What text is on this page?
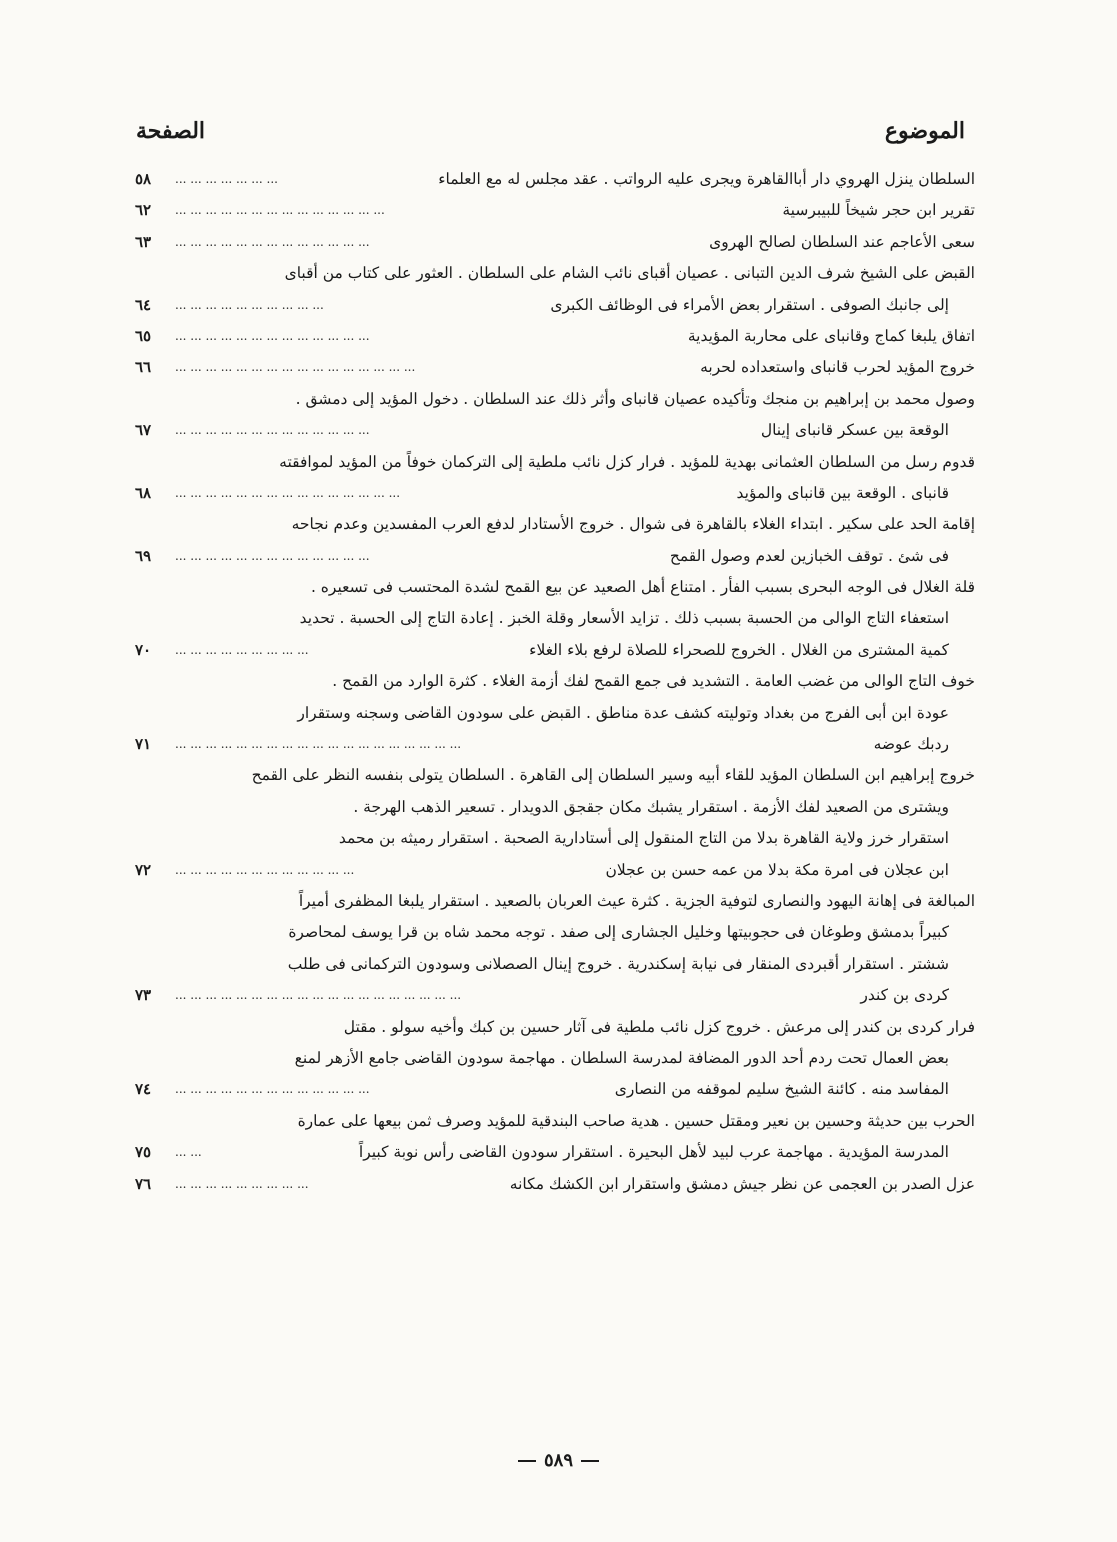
الموضوع
الصفحة
السلطان ينزل الهروي دار أباالقاهرة ويجرى عليه الرواتب . عقد مجلس له مع العلماء
... ... ... ... ... ... ...
٥٨
تقرير ابن حجر شيخاً للبيبرسية
... ... ... ... ... ... ... ... ... ... ... ... ... ...
٦٢
سعى الأعاجم عند السلطان لصالح الهروى
... ... ... ... ... ... ... ... ... ... ... ... ...
٦٣
القبض على الشيخ شرف الدين التبانى . عصيان أقباى نائب الشام على السلطان . العثور على كتاب من أقباى
إلى جانبك الصوفى . استقرار بعض الأمراء فى الوظائف الكبرى
... ... ... ... ... ... ... ... ... ...
٦٤
اتفاق يلبغا كماج وقانباى على محاربة المؤيدية
... ... ... ... ... ... ... ... ... ... ... ... ...
٦٥
خروج المؤيد لحرب قانباى واستعداده لحربه
... ... ... ... ... ... ... ... ... ... ... ... ... ... ... ...
٦٦
وصول محمد بن إبراهيم بن منجك وتأكيده عصيان قانباى وأثر ذلك عند السلطان . دخول المؤيد إلى دمشق .
الوقعة بين عسكر قانباى إينال
... ... ... ... ... ... ... ... ... ... ... ... ...
٦٧
قدوم رسل من السلطان العثمانى بهدية للمؤيد . فرار كزل نائب ملطية إلى التركمان خوفاً من المؤيد لموافقته
قانباى . الوقعة بين قانباى والمؤيد
... ... ... ... ... ... ... ... ... ... ... ... ... ... ...
٦٨
إقامة الحد على سكير . ابتداء الغلاء بالقاهرة فى شوال . خروج الأستادار لدفع العرب المفسدين وعدم نجاحه
فى شئ . توقف الخبازين لعدم وصول القمح
... ... ... ... ... ... ... ... ... ... ... ... ...
٦٩
قلة الغلال فى الوجه البحرى بسبب الفأر . امتناع أهل الصعيد عن بيع القمح لشدة المحتسب فى تسعيره .
استعفاء التاج الوالى من الحسبة بسبب ذلك . تزايد الأسعار وقلة الخبز . إعادة التاج إلى الحسبة . تحديد
كمية المشترى من الغلال . الخروج للصحراء للصلاة لرفع بلاء الغلاء
... ... ... ... ... ... ... ... ...
٧٠
خوف التاج الوالى من غضب العامة . التشديد فى جمع القمح لفك أزمة الغلاء . كثرة الوارد من القمح .
عودة ابن أبى الفرج من بغداد وتوليته كشف عدة مناطق . القبض على سودون القاضى وسجنه وستقرار
ردبك عوضه
... ... ... ... ... ... ... ... ... ... ... ... ... ... ... ... ... ... ...
٧١
خروج إبراهيم ابن السلطان المؤيد للقاء أبيه وسير السلطان إلى القاهرة . السلطان يتولى بنفسه النظر على القمح
ويشترى من الصعيد لفك الأزمة . استقرار يشبك مكان جقجق الدويدار . تسعير الذهب الهرجة .
استقرار خرز ولاية القاهرة بدلا من التاج المنقول إلى أستادارية الصحبة . استقرار رميثه بن محمد
ابن عجلان فى امرة مكة بدلا من عمه حسن بن عجلان
... ... ... ... ... ... ... ... ... ... ... ...
٧٢
المبالغة فى إهانة اليهود والنصارى لتوفية الجزية . كثرة عيث العربان بالصعيد . استقرار يلبغا المظفرى أميراً
كبيراً بدمشق وطوغان فى حجوبيتها وخليل الجشارى إلى صفد . توجه محمد شاه بن قرا يوسف لمحاصرة
ششتر . استقرار أقبردى المنقار فى نيابة إسكندرية . خروج إينال الصصلانى وسودون التركمانى فى طلب
كردى بن كندر
... ... ... ... ... ... ... ... ... ... ... ... ... ... ... ... ... ... ...
٧٣
فرار كردى بن كندر إلى مرعش . خروج كزل نائب ملطية فى آثار حسين بن كبك وأخيه سولو . مقتل
بعض العمال تحت ردم أحد الدور المضافة لمدرسة السلطان . مهاجمة سودون القاضى جامع الأزهر لمنع
المفاسد منه . كائنة الشيخ سليم لموقفه من النصارى
... ... ... ... ... ... ... ... ... ... ... ... ...
٧٤
الحرب بين حديثة وحسين بن نعير ومقتل حسين . هدية صاحب البندقية للمؤيد وصرف ثمن بيعها على عمارة
المدرسة المؤيدية . مهاجمة عرب لبيد لأهل البحيرة . استقرار سودون القاضى رأس نوبة كبيراً
... ...
٧٥
عزل الصدر بن العجمى عن نظر جيش دمشق واستقرار ابن الكشك مكانه
... ... ... ... ... ... ... ... ...
٧٦
٥٨٩
